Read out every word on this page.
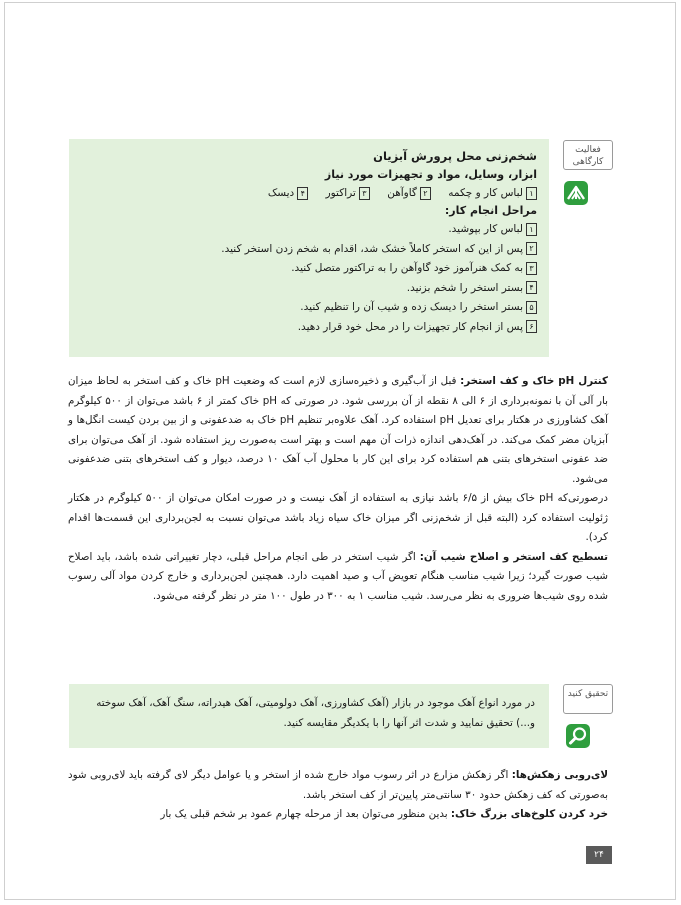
فعالیت کارگاهی
شخم‌زنی محل پرورش آبزیان
ابزار، وسایل، مواد و تجهیزات مورد نیاز
۱لباس کار و چکمه ۲گاوآهن ۳تراکتور ۴دیسک
مراحل انجام کار:
۱لباس کار بپوشید.
۲پس از این که استخر کاملاً خشک شد، اقدام به شخم زدن استخر کنید.
۳به کمک هنرآموز خود گاوآهن را به تراکتور متصل کنید.
۴بستر استخر را شخم بزنید.
۵بستر استخر را دیسک زده و شیب آن را تنظیم کنید.
۶پس از انجام کار تجهیزات را در محل خود قرار دهید.

کنترل pH خاک و کف استخر: قبل از آب‌گیری و ذخیره‌سازی لازم است که وضعیت pH خاک و کف استخر به لحاظ میزان بار آلی آن با نمونه‌برداری از ۶ الی ۸ نقطه از آن بررسی شود. در صورتی که pH خاک کمتر از ۶ باشد می‌توان از ۵۰۰ کیلوگرم آهک کشاورزی در هکتار برای تعدیل pH استفاده کرد. آهک علاوه‌بر تنظیم pH خاک به ضدعفونی و از بین بردن کیست انگل‌ها و آبزیان مضر کمک می‌کند. در آهک‌دهی اندازه ذرات آن مهم است و بهتر است به‌صورت ریز استفاده شود. از آهک می‌توان برای ضد عفونی استخرهای بتنی هم استفاده کرد برای این کار با محلول آب آهک ۱۰ درصد، دیوار و کف استخرهای بتنی ضدعفونی می‌شود.

درصورتی‌که pH خاک بیش از ۶/۵ باشد نیازی به استفاده از آهک نیست و در صورت امکان می‌توان از ۵۰۰ کیلوگرم در هکتار ژئولیت استفاده کرد (البته قبل از شخم‌زنی اگر میزان خاک سیاه زیاد باشد می‌توان نسبت به لجن‌برداری این قسمت‌ها اقدام کرد).

تسطیح کف استخر و اصلاح شیب آن: اگر شیب استخر در طی انجام مراحل قبلی، دچار تغییراتی شده باشد، باید اصلاح شیب صورت گیرد؛ زیرا شیب مناسب هنگام تعویض آب و صید اهمیت دارد. همچنین لجن‌برداری و خارج کردن مواد آلی رسوب شده روی شیب‌ها ضروری به نظر می‌رسد. شیب مناسب ۱ به ۳۰۰ در طول ۱۰۰ متر در نظر گرفته می‌شود.

تحقیق کنید
در مورد انواع آهک موجود در بازار (آهک کشاورزی، آهک دولومیتی، آهک هیدراته، سنگ آهک، آهک سوخته و...) تحقیق نمایید و شدت اثر آنها را با یکدیگر مقایسه کنید.

لای‌روبی زهکش‌ها: اگر زهکش مزارع در اثر رسوب مواد خارج شده از استخر و یا عوامل دیگر لای گرفته باید لای‌روبی شود به‌صورتی که کف زهکش حدود ۳۰ سانتی‌متر پایین‌تر از کف استخر باشد.

خرد کردن کلوخ‌های بزرگ خاک: بدین منظور می‌توان بعد از مرحله چهارم عمود بر شخم قبلی یک بار

۲۴
